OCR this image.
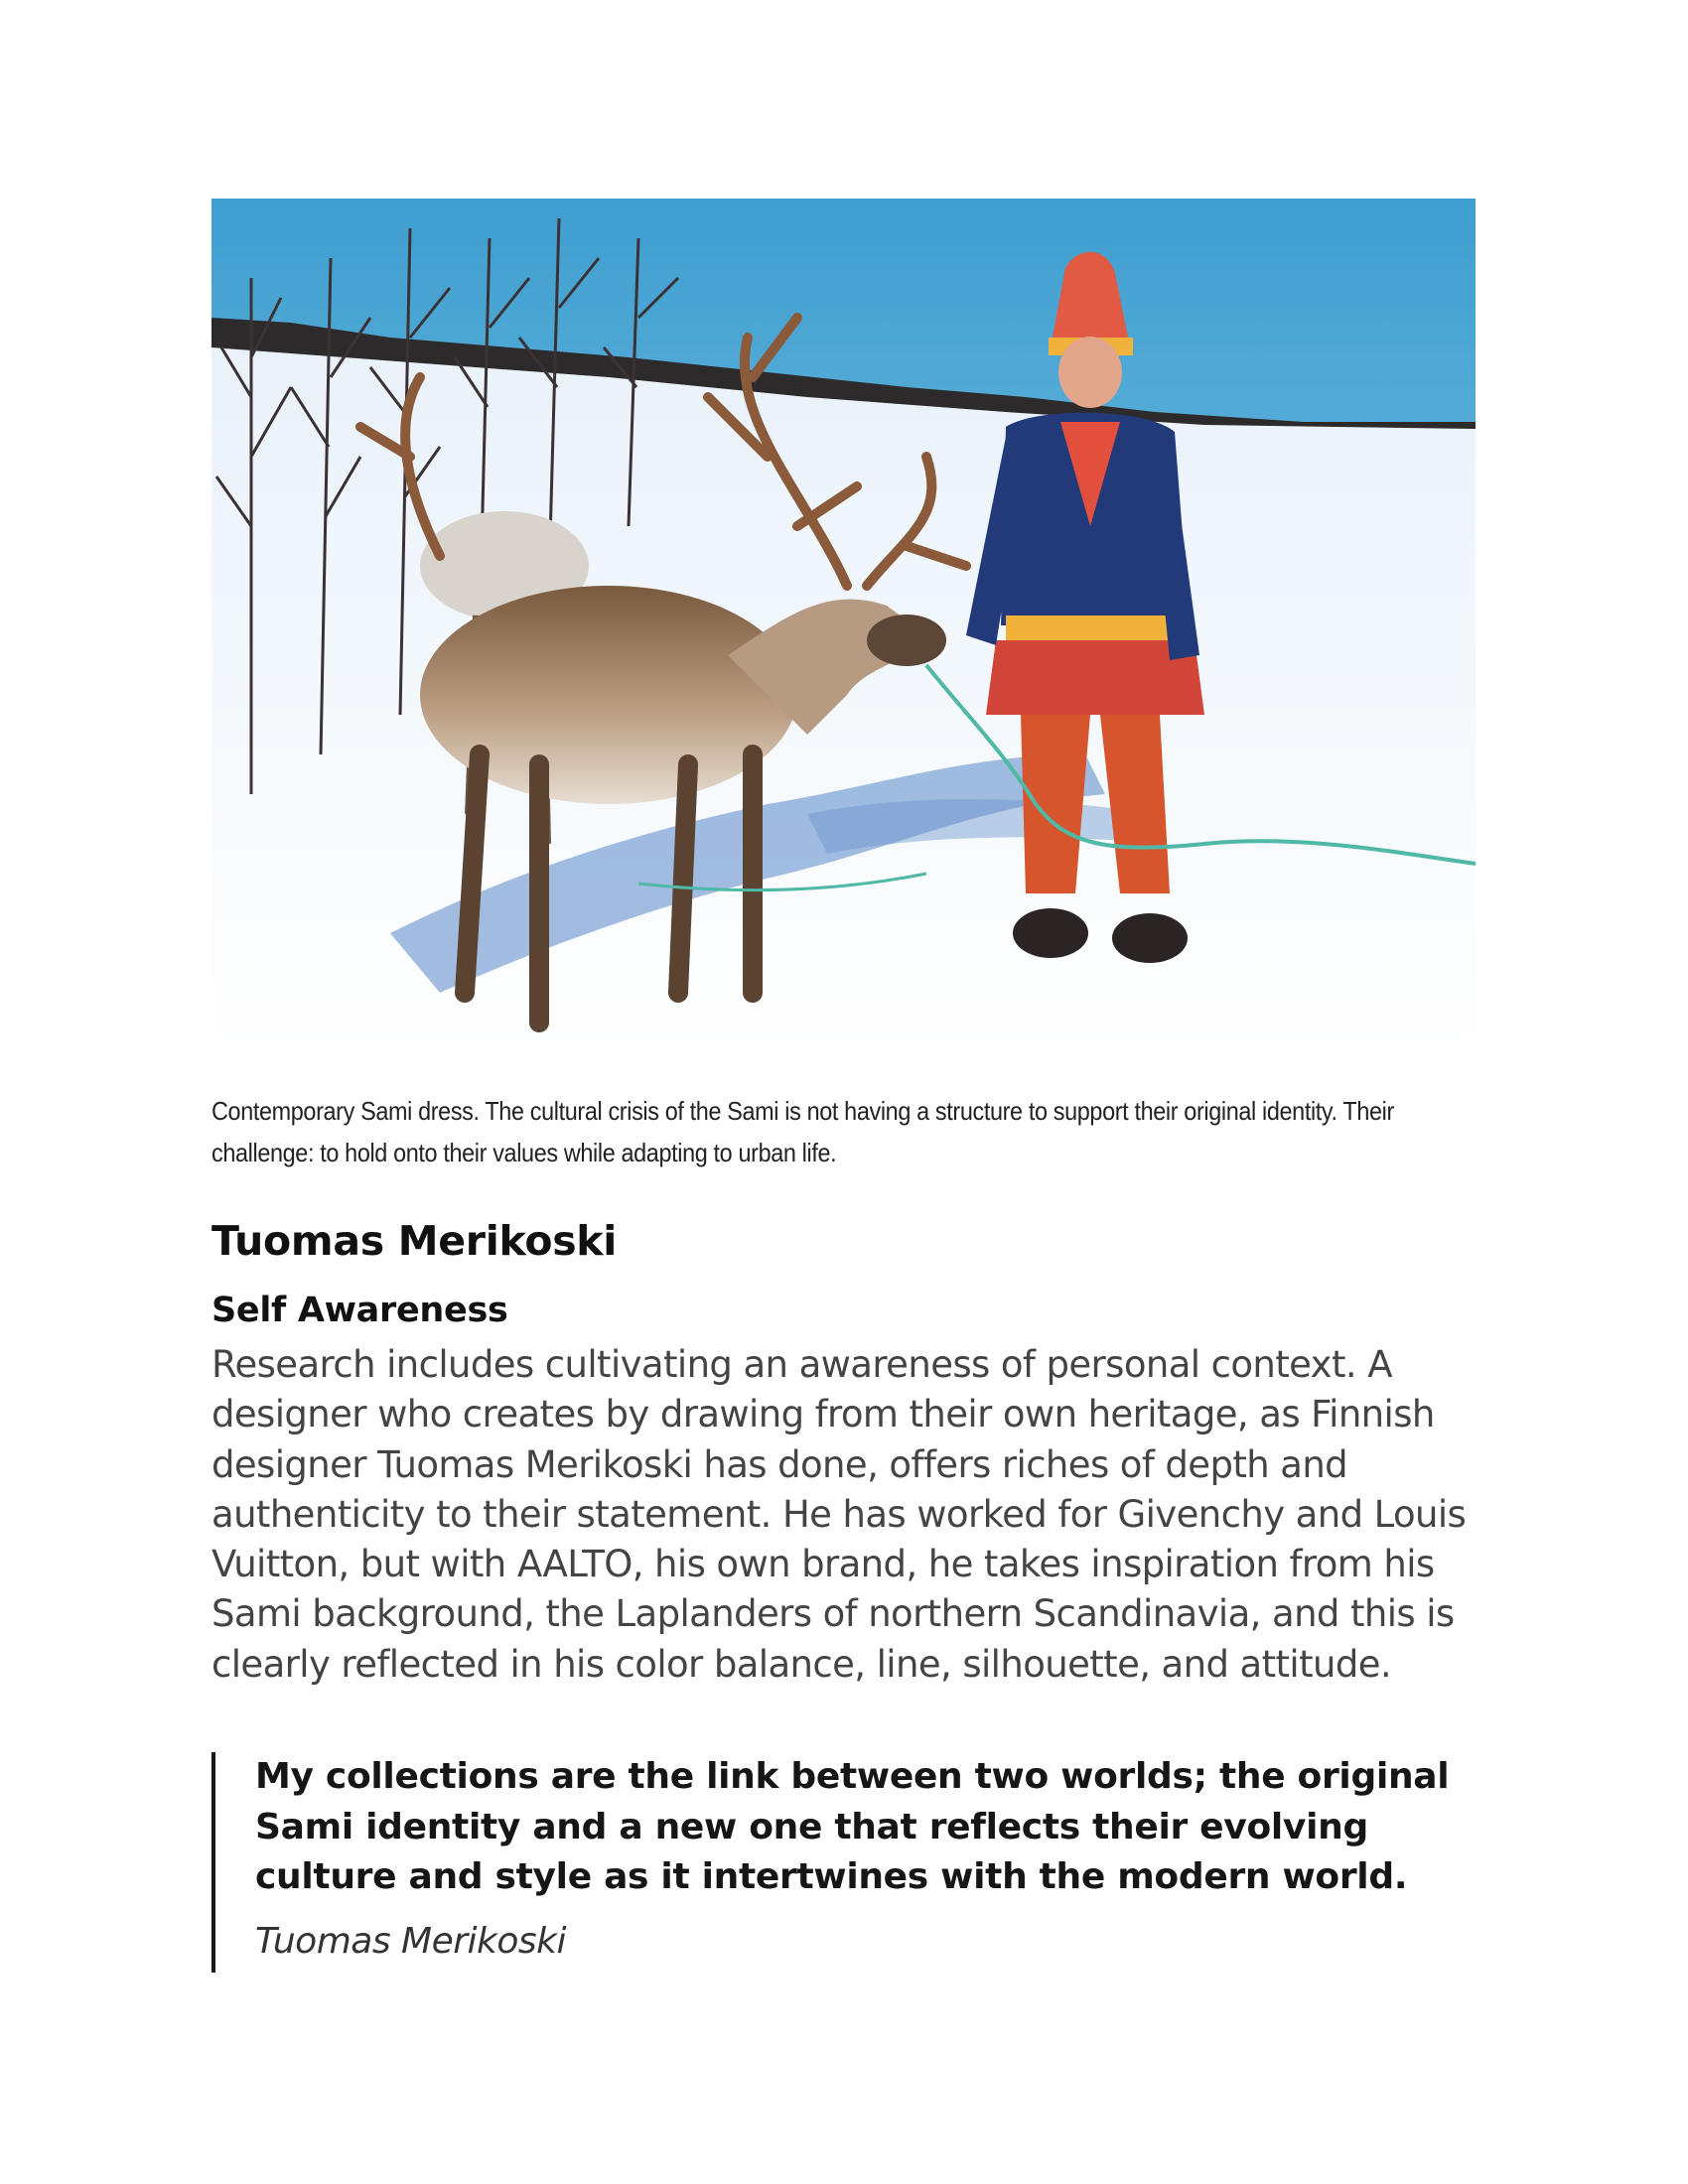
Contemporary Sami dress. The cultural crisis of the Sami is not having a structure to support their original identity. Their challenge: to hold onto their values while adapting to urban life.

Tuomas Merikoski
Self Awareness

Research includes cultivating an awareness of personal context. A designer who creates by drawing from their own heritage, as Finnish designer Tuomas Merikoski has done, offers riches of depth and authenticity to their statement. He has worked for Givenchy and Louis Vuitton, but with AALTO, his own brand, he takes inspiration from his Sami background, the Laplanders of northern Scandinavia, and this is clearly reflected in his color balance, line, silhouette, and attitude.

My collections are the link between two worlds; the original Sami identity and a new one that reflects their evolving culture and style as it intertwines with the modern world.

Tuomas Merikoski
